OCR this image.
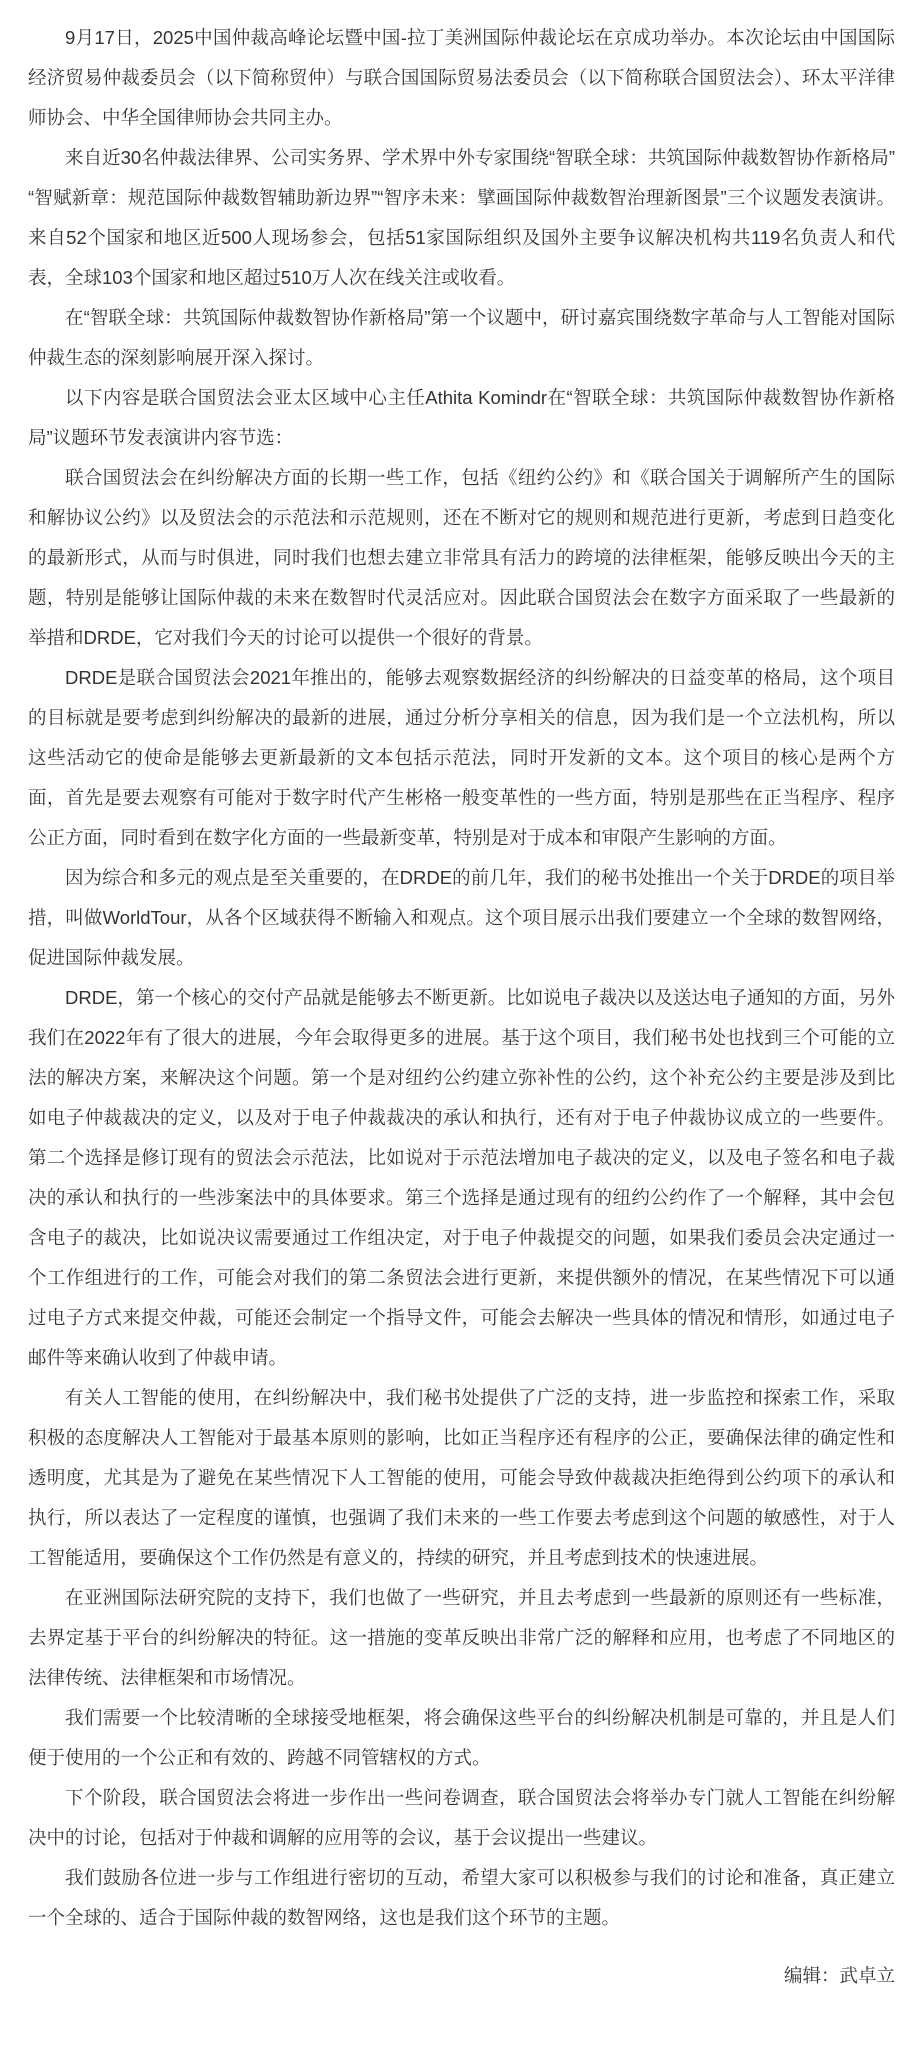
9月17日，2025中国仲裁高峰论坛暨中国-拉丁美洲国际仲裁论坛在京成功举办。本次论坛由中国国际经济贸易仲裁委员会（以下简称贸仲）与联合国国际贸易法委员会（以下简称联合国贸法会）、环太平洋律师协会、中华全国律师协会共同主办。

来自近30名仲裁法律界、公司实务界、学术界中外专家围绕“智联全球：共筑国际仲裁数智协作新格局”“智赋新章：规范国际仲裁数智辅助新边界”“智序未来：擘画国际仲裁数智治理新图景”三个议题发表演讲。来自52个国家和地区近500人现场参会，包括51家国际组织及国外主要争议解决机构共119名负责人和代表，全球103个国家和地区超过510万人次在线关注或收看。

在“智联全球：共筑国际仲裁数智协作新格局”第一个议题中，研讨嘉宾围绕数字革命与人工智能对国际仲裁生态的深刻影响展开深入探讨。

以下内容是联合国贸法会亚太区域中心主任Athita Komindr在“智联全球：共筑国际仲裁数智协作新格局”议题环节发表演讲内容节选：

联合国贸法会在纠纷解决方面的长期一些工作，包括《纽约公约》和《联合国关于调解所产生的国际和解协议公约》以及贸法会的示范法和示范规则，还在不断对它的规则和规范进行更新，考虑到日趋变化的最新形式，从而与时俱进，同时我们也想去建立非常具有活力的跨境的法律框架，能够反映出今天的主题，特别是能够让国际仲裁的未来在数智时代灵活应对。因此联合国贸法会在数字方面采取了一些最新的举措和DRDE，它对我们今天的讨论可以提供一个很好的背景。

DRDE是联合国贸法会2021年推出的，能够去观察数据经济的纠纷解决的日益变革的格局，这个项目的目标就是要考虑到纠纷解决的最新的进展，通过分析分享相关的信息，因为我们是一个立法机构，所以这些活动它的使命是能够去更新最新的文本包括示范法，同时开发新的文本。这个项目的核心是两个方面，首先是要去观察有可能对于数字时代产生彬格一般变革性的一些方面，特别是那些在正当程序、程序公正方面，同时看到在数字化方面的一些最新变革，特别是对于成本和审限产生影响的方面。

因为综合和多元的观点是至关重要的，在DRDE的前几年，我们的秘书处推出一个关于DRDE的项目举措，叫做WorldTour，从各个区域获得不断输入和观点。这个项目展示出我们要建立一个全球的数智网络，促进国际仲裁发展。

DRDE，第一个核心的交付产品就是能够去不断更新。比如说电子裁决以及送达电子通知的方面，另外我们在2022年有了很大的进展，今年会取得更多的进展。基于这个项目，我们秘书处也找到三个可能的立法的解决方案，来解决这个问题。第一个是对纽约公约建立弥补性的公约，这个补充公约主要是涉及到比如电子仲裁裁决的定义，以及对于电子仲裁裁决的承认和执行，还有对于电子仲裁协议成立的一些要件。第二个选择是修订现有的贸法会示范法，比如说对于示范法增加电子裁决的定义，以及电子签名和电子裁决的承认和执行的一些涉案法中的具体要求。第三个选择是通过现有的纽约公约作了一个解释，其中会包含电子的裁决，比如说决议需要通过工作组决定，对于电子仲裁提交的问题，如果我们委员会决定通过一个工作组进行的工作，可能会对我们的第二条贸法会进行更新，来提供额外的情况，在某些情况下可以通过电子方式来提交仲裁，可能还会制定一个指导文件，可能会去解决一些具体的情况和情形，如通过电子邮件等来确认收到了仲裁申请。

有关人工智能的使用，在纠纷解决中，我们秘书处提供了广泛的支持，进一步监控和探索工作，采取积极的态度解决人工智能对于最基本原则的影响，比如正当程序还有程序的公正，要确保法律的确定性和透明度，尤其是为了避免在某些情况下人工智能的使用，可能会导致仲裁裁决拒绝得到公约项下的承认和执行，所以表达了一定程度的谨慎，也强调了我们未来的一些工作要去考虑到这个问题的敏感性，对于人工智能适用，要确保这个工作仍然是有意义的，持续的研究，并且考虑到技术的快速进展。

在亚洲国际法研究院的支持下，我们也做了一些研究，并且去考虑到一些最新的原则还有一些标准，去界定基于平台的纠纷解决的特征。这一措施的变革反映出非常广泛的解释和应用，也考虑了不同地区的法律传统、法律框架和市场情况。

我们需要一个比较清晰的全球接受地框架，将会确保这些平台的纠纷解决机制是可靠的，并且是人们便于使用的一个公正和有效的、跨越不同管辖权的方式。

下个阶段，联合国贸法会将进一步作出一些问卷调查，联合国贸法会将举办专门就人工智能在纠纷解决中的讨论，包括对于仲裁和调解的应用等的会议，基于会议提出一些建议。

我们鼓励各位进一步与工作组进行密切的互动，希望大家可以积极参与我们的讨论和准备，真正建立一个全球的、适合于国际仲裁的数智网络，这也是我们这个环节的主题。

编辑：武卓立
